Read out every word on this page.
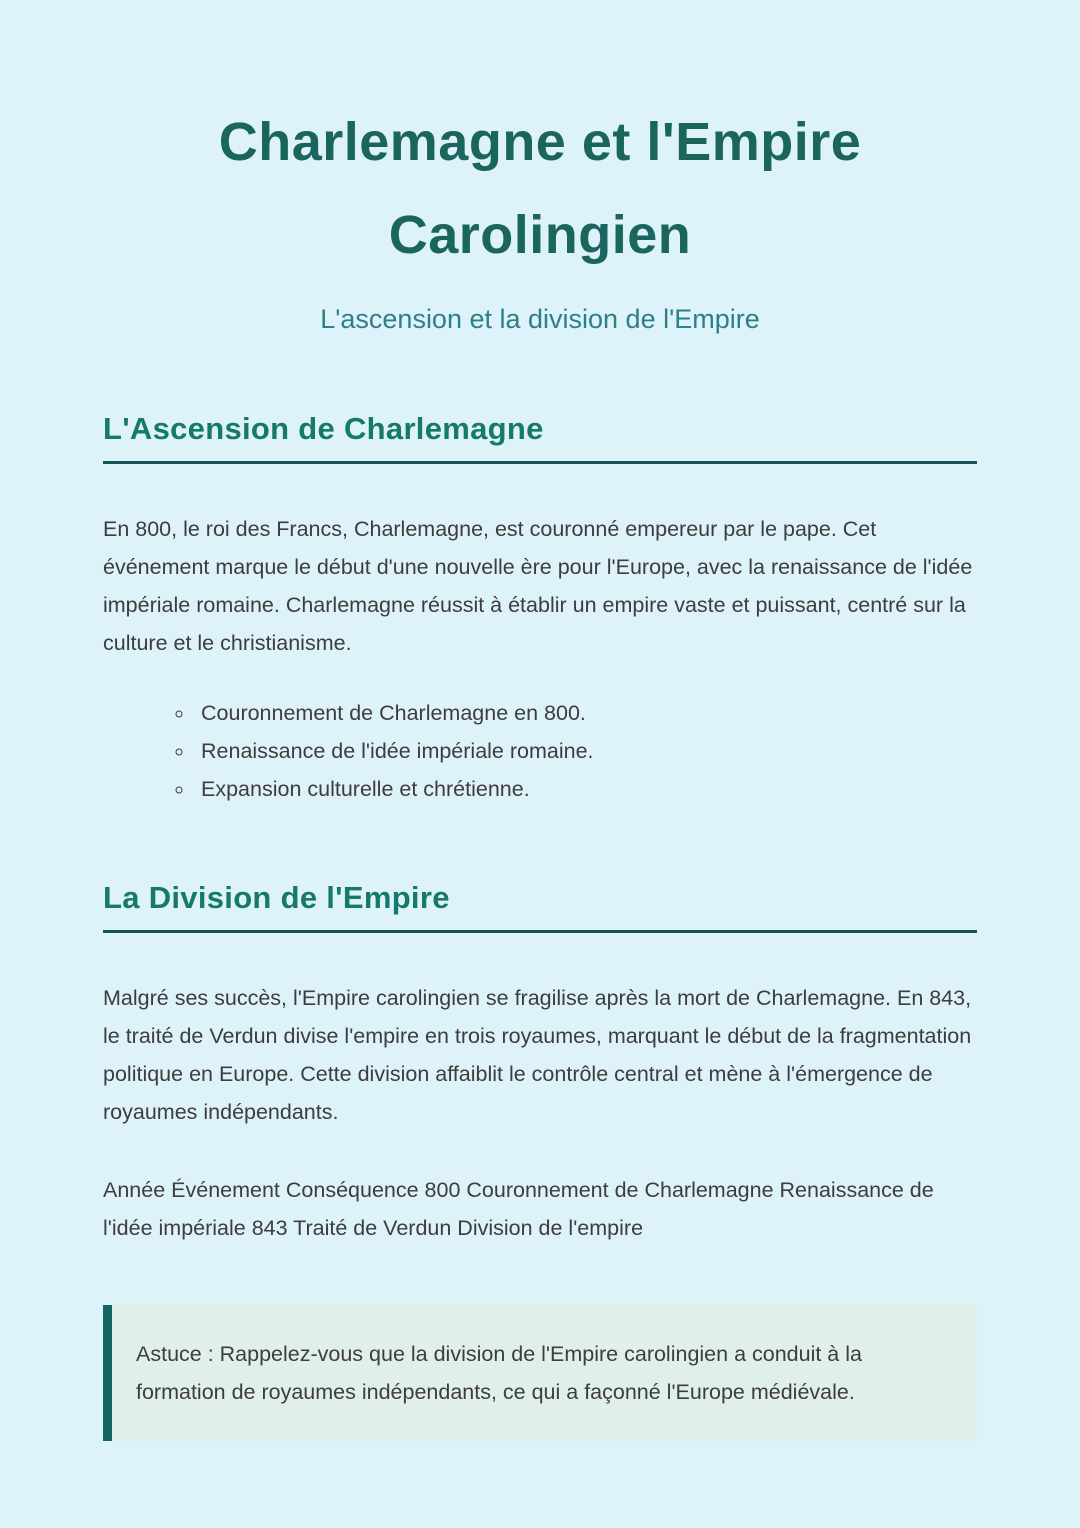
Charlemagne et l'Empire Carolingien
L'ascension et la division de l'Empire
L'Ascension de Charlemagne

En 800, le roi des Francs, Charlemagne, est couronné empereur par le pape. Cet événement marque le début d'une nouvelle ère pour l'Europe, avec la renaissance de l'idée impériale romaine. Charlemagne réussit à établir un empire vaste et puissant, centré sur la culture et le christianisme.

◦ Couronnement de Charlemagne en 800.
◦ Renaissance de l'idée impériale romaine.
◦ Expansion culturelle et chrétienne.
La Division de l'Empire

Malgré ses succès, l'Empire carolingien se fragilise après la mort de Charlemagne. En 843, le traité de Verdun divise l'empire en trois royaumes, marquant le début de la fragmentation politique en Europe. Cette division affaiblit le contrôle central et mène à l'émergence de royaumes indépendants.

Année Événement Conséquence 800 Couronnement de Charlemagne Renaissance de l'idée impériale 843 Traité de Verdun Division de l'empire

Astuce : Rappelez-vous que la division de l'Empire carolingien a conduit à la formation de royaumes indépendants, ce qui a façonné l'Europe médiévale.
